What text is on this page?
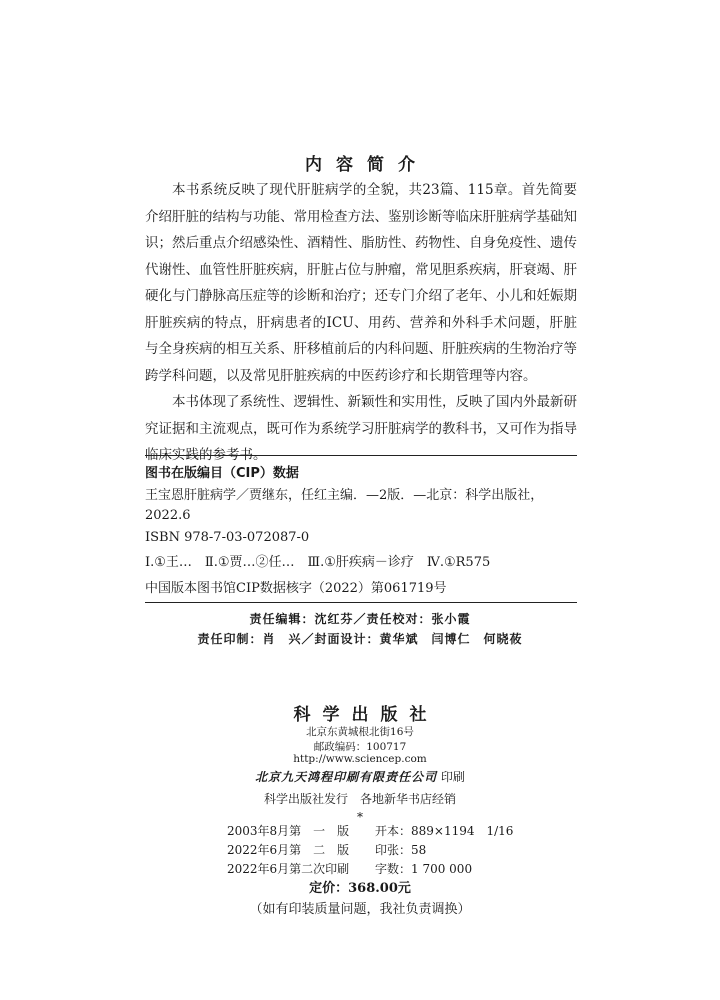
内容简介

本书系统反映了现代肝脏病学的全貌，共23篇、115章。首先简要介绍肝脏的结构与功能、常用检查方法、鉴别诊断等临床肝脏病学基础知识；然后重点介绍感染性、酒精性、脂肪性、药物性、自身免疫性、遗传代谢性、血管性肝脏疾病，肝脏占位与肿瘤，常见胆系疾病，肝衰竭、肝硬化与门静脉高压症等的诊断和治疗；还专门介绍了老年、小儿和妊娠期肝脏疾病的特点，肝病患者的ICU、用药、营养和外科手术问题，肝脏与全身疾病的相互关系、肝移植前后的内科问题、肝脏疾病的生物治疗等跨学科问题，以及常见肝脏疾病的中医药诊疗和长期管理等内容。

本书体现了系统性、逻辑性、新颖性和实用性，反映了国内外最新研究证据和主流观点，既可作为系统学习肝脏病学的教科书，又可作为指导临床实践的参考书。

图书在版编目（CIP）数据
王宝恩肝脏病学／贾继东，任红主编．—2版．—北京：科学出版社，2022.6
ISBN 978-7-03-072087-0
Ⅰ.①王…　Ⅱ.①贾…②任…　Ⅲ.①肝疾病－诊疗　Ⅳ.①R575
中国版本图书馆CIP数据核字（2022）第061719号
责任编辑：沈红芬／责任校对：张小霞
责任印制：肖　兴／封面设计：黄华斌　闫博仁　何晓莜
科学出版社
北京东黄城根北街16号
邮政编码：100717
http://www.sciencep.com
北京九天鸿程印刷有限责任公司 印刷
科学出版社发行　各地新华书店经销
*
2003年8月第　一　版	开本：889×1194　1/16
2022年6月第　二　版	印张：58
2022年6月第二次印刷	字数：1 700 000
定价：368.00元
（如有印装质量问题，我社负责调换）
